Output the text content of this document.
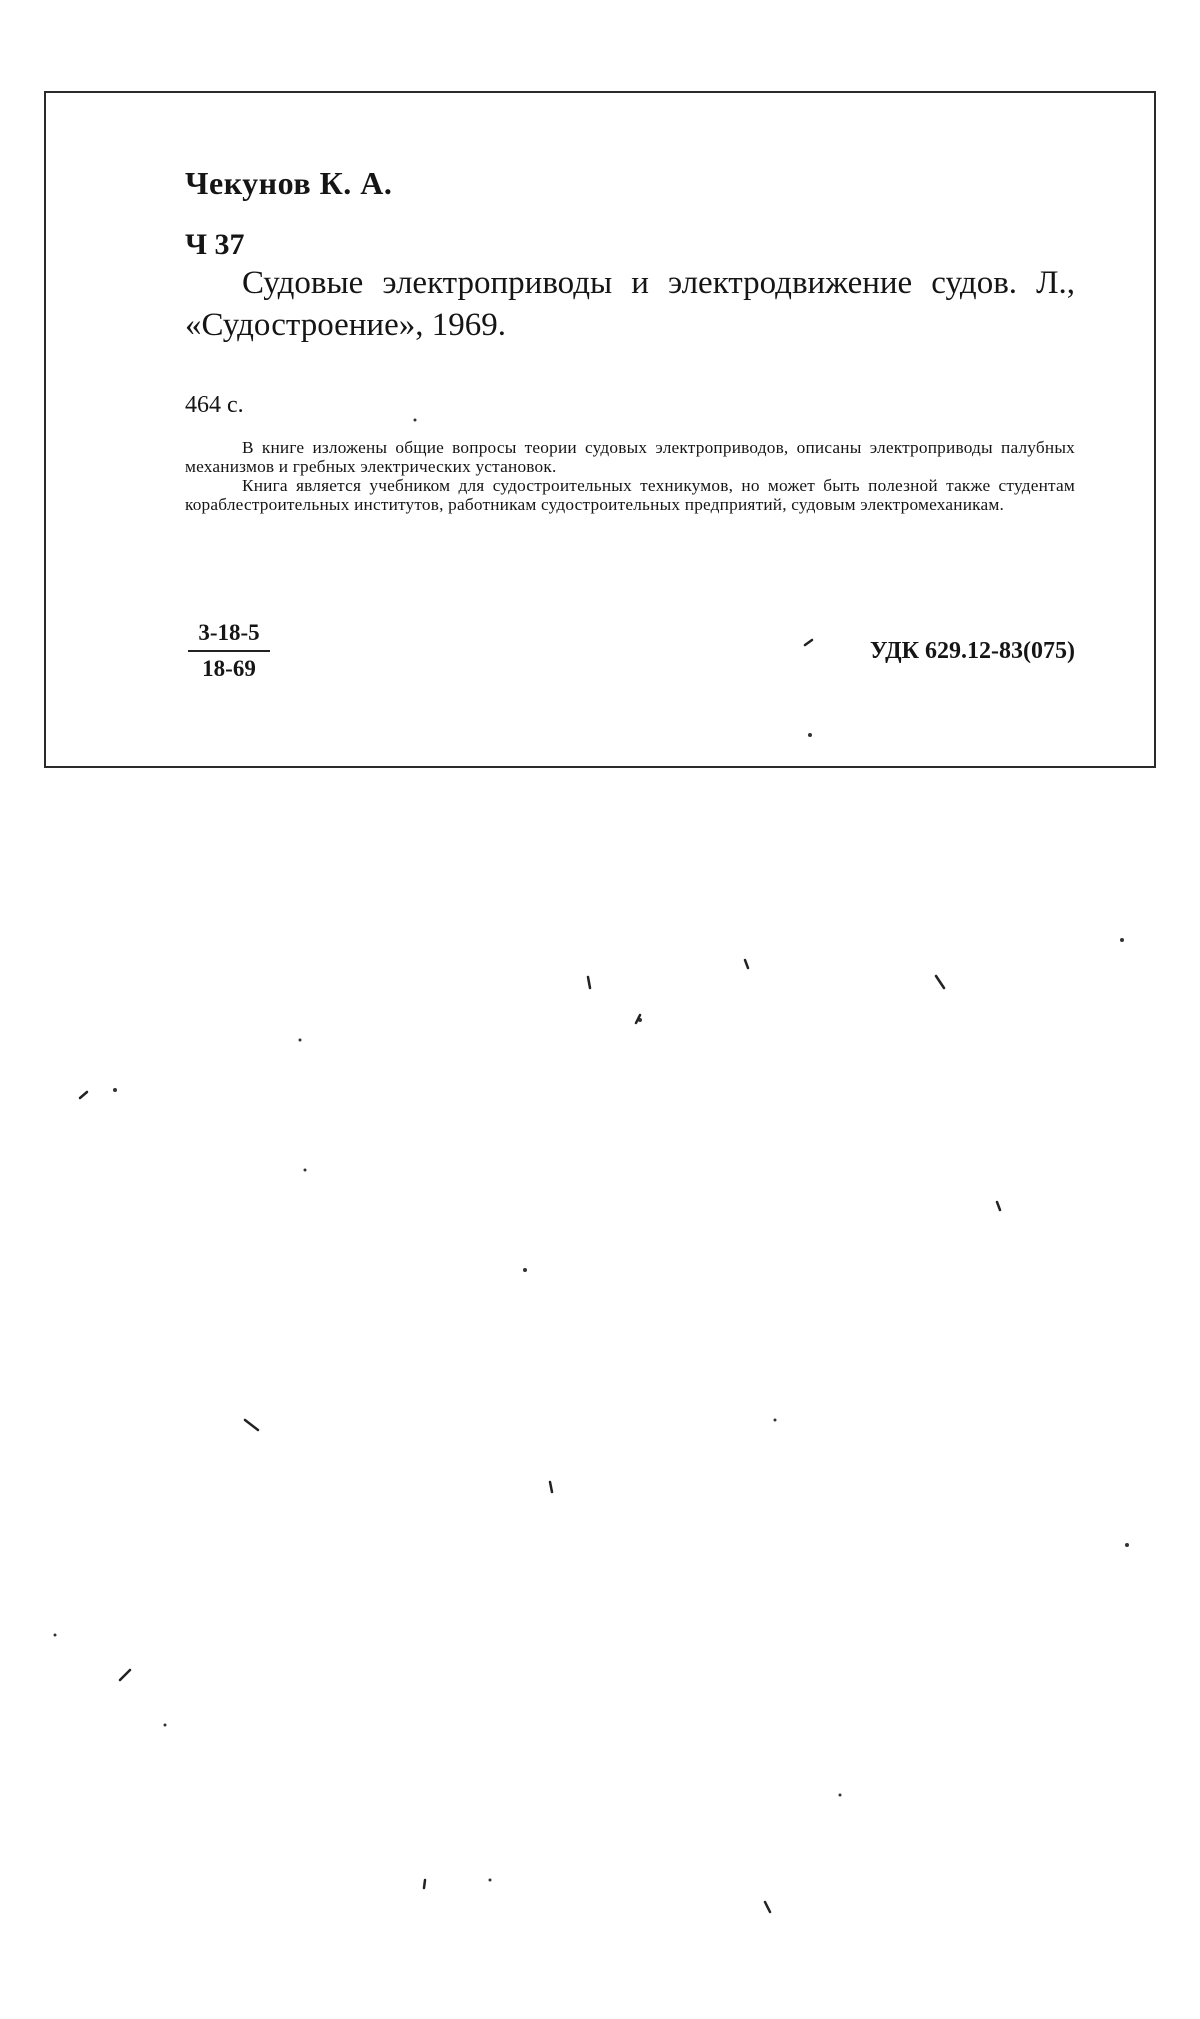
Чекунов К. А.
Ч 37
Судовые электроприводы и электродвижение судов. Л., «Судостроение», 1969.
464 с.

В книге изложены общие вопросы теории судовых электроприводов, описаны электроприводы палубных механизмов и гребных электрических установок.

Книга является учебником для судостроительных техникумов, но может быть полезной также студентам кораблестроительных институтов, работникам судостроительных предприятий, судовым электромеханикам.

$\frac{3-18-5}{18-69}$	УДК 629.12-83(075)
